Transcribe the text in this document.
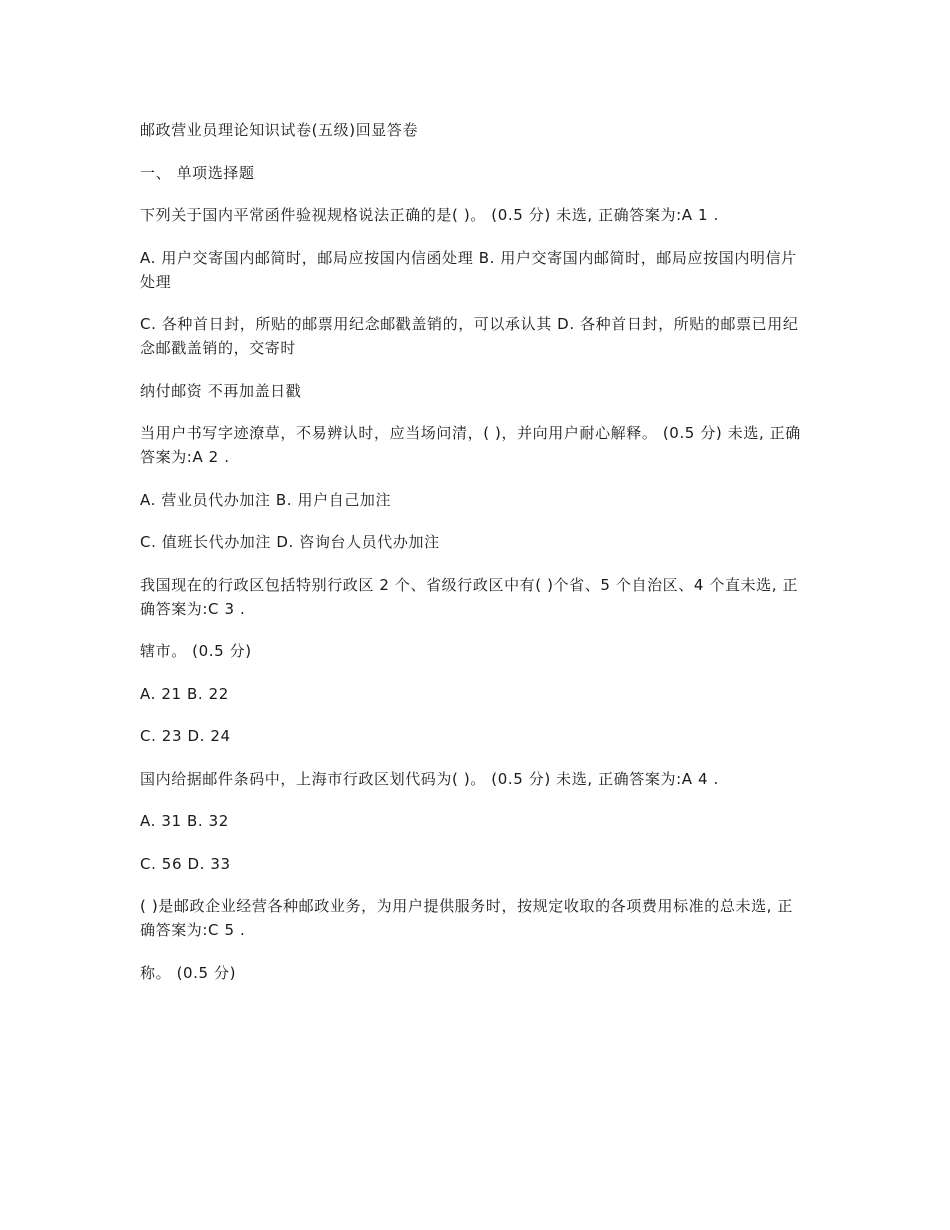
邮政营业员理论知识试卷(五级)回显答卷

一、 单项选择题

下列关于国内平常函件验视规格说法正确的是( )。 (0.5 分) 未选, 正确答案为:A 1 .

A. 用户交寄国内邮简时，邮局应按国内信函处理 B. 用户交寄国内邮简时，邮局应按国内明信片处理

C. 各种首日封，所贴的邮票用纪念邮戳盖销的，可以承认其 D. 各种首日封，所贴的邮票已用纪念邮戳盖销的，交寄时

纳付邮资 不再加盖日戳

当用户书写字迹潦草，不易辨认时，应当场问清，( )，并向用户耐心解释。 (0.5 分) 未选, 正确答案为:A 2 .

A. 营业员代办加注 B. 用户自己加注

C. 值班长代办加注 D. 咨询台人员代办加注

我国现在的行政区包括特别行政区 2 个、省级行政区中有( )个省、5 个自治区、4 个直未选, 正确答案为:C 3 .

辖市。 (0.5 分)

A. 21 B. 22

C. 23 D. 24

国内给据邮件条码中，上海市行政区划代码为( )。 (0.5 分) 未选, 正确答案为:A 4 .

A. 31 B. 32

C. 56 D. 33

( )是邮政企业经营各种邮政业务，为用户提供服务时，按规定收取的各项费用标准的总未选, 正确答案为:C 5 .

称。 (0.5 分)
